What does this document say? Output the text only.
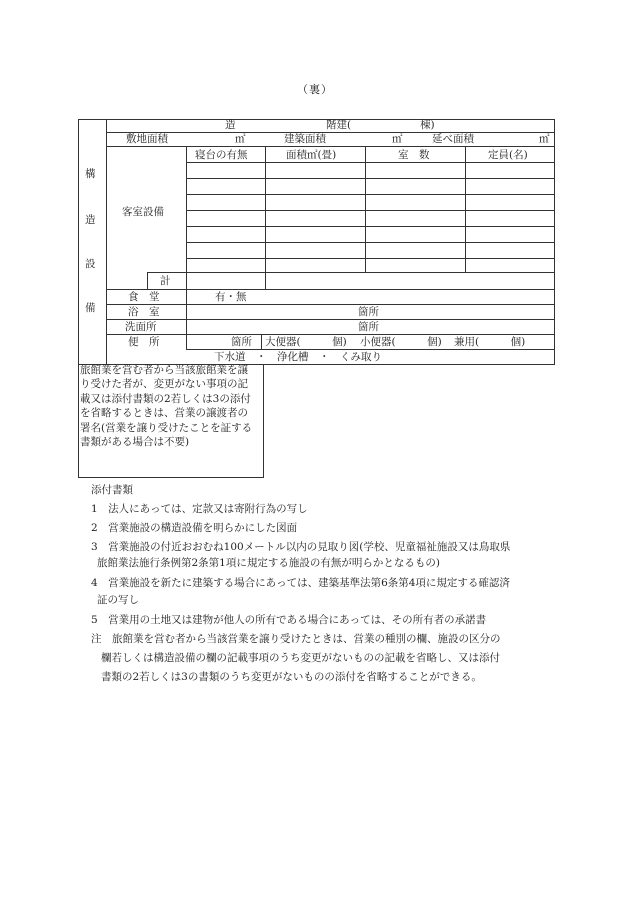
（裏）
構
造
設
備
造	階建(	棟)
敷地面積	㎡	建築面積	㎡	延べ面積	㎡
寝台の有無	面積㎡(畳)	室　数	定員(名)
客室設備
計
食　堂	有・無
浴　室	箇所
洗面所	箇所
便　所	箇所 大便器(　　　個) 小便器(　　　個) 兼用(　　　個)
下水道　・　浄化槽　・　くみ取り
旅館業を営む者から当該旅館業を譲り受けた者が、変更がない事項の記載又は添付書類の2若しくは3の添付を省略するときは、営業の譲渡者の署名(営業を譲り受けたことを証する書類がある場合は不要)
添付書類
1　法人にあっては、定款又は寄附行為の写し
2　営業施設の構造設備を明らかにした図面
3　営業施設の付近おおむね100メートル以内の見取り図(学校、児童福祉施設又は鳥取県
旅館業法施行条例第2条第1項に規定する施設の有無が明らかとなるもの)
4　営業施設を新たに建築する場合にあっては、建築基準法第6条第4項に規定する確認済
証の写し
5　営業用の土地又は建物が他人の所有である場合にあっては、その所有者の承諾書
注　旅館業を営む者から当該営業を譲り受けたときは、営業の種別の欄、施設の区分の
欄若しくは構造設備の欄の記載事項のうち変更がないものの記載を省略し、又は添付
書類の2若しくは3の書類のうち変更がないものの添付を省略することができる。
